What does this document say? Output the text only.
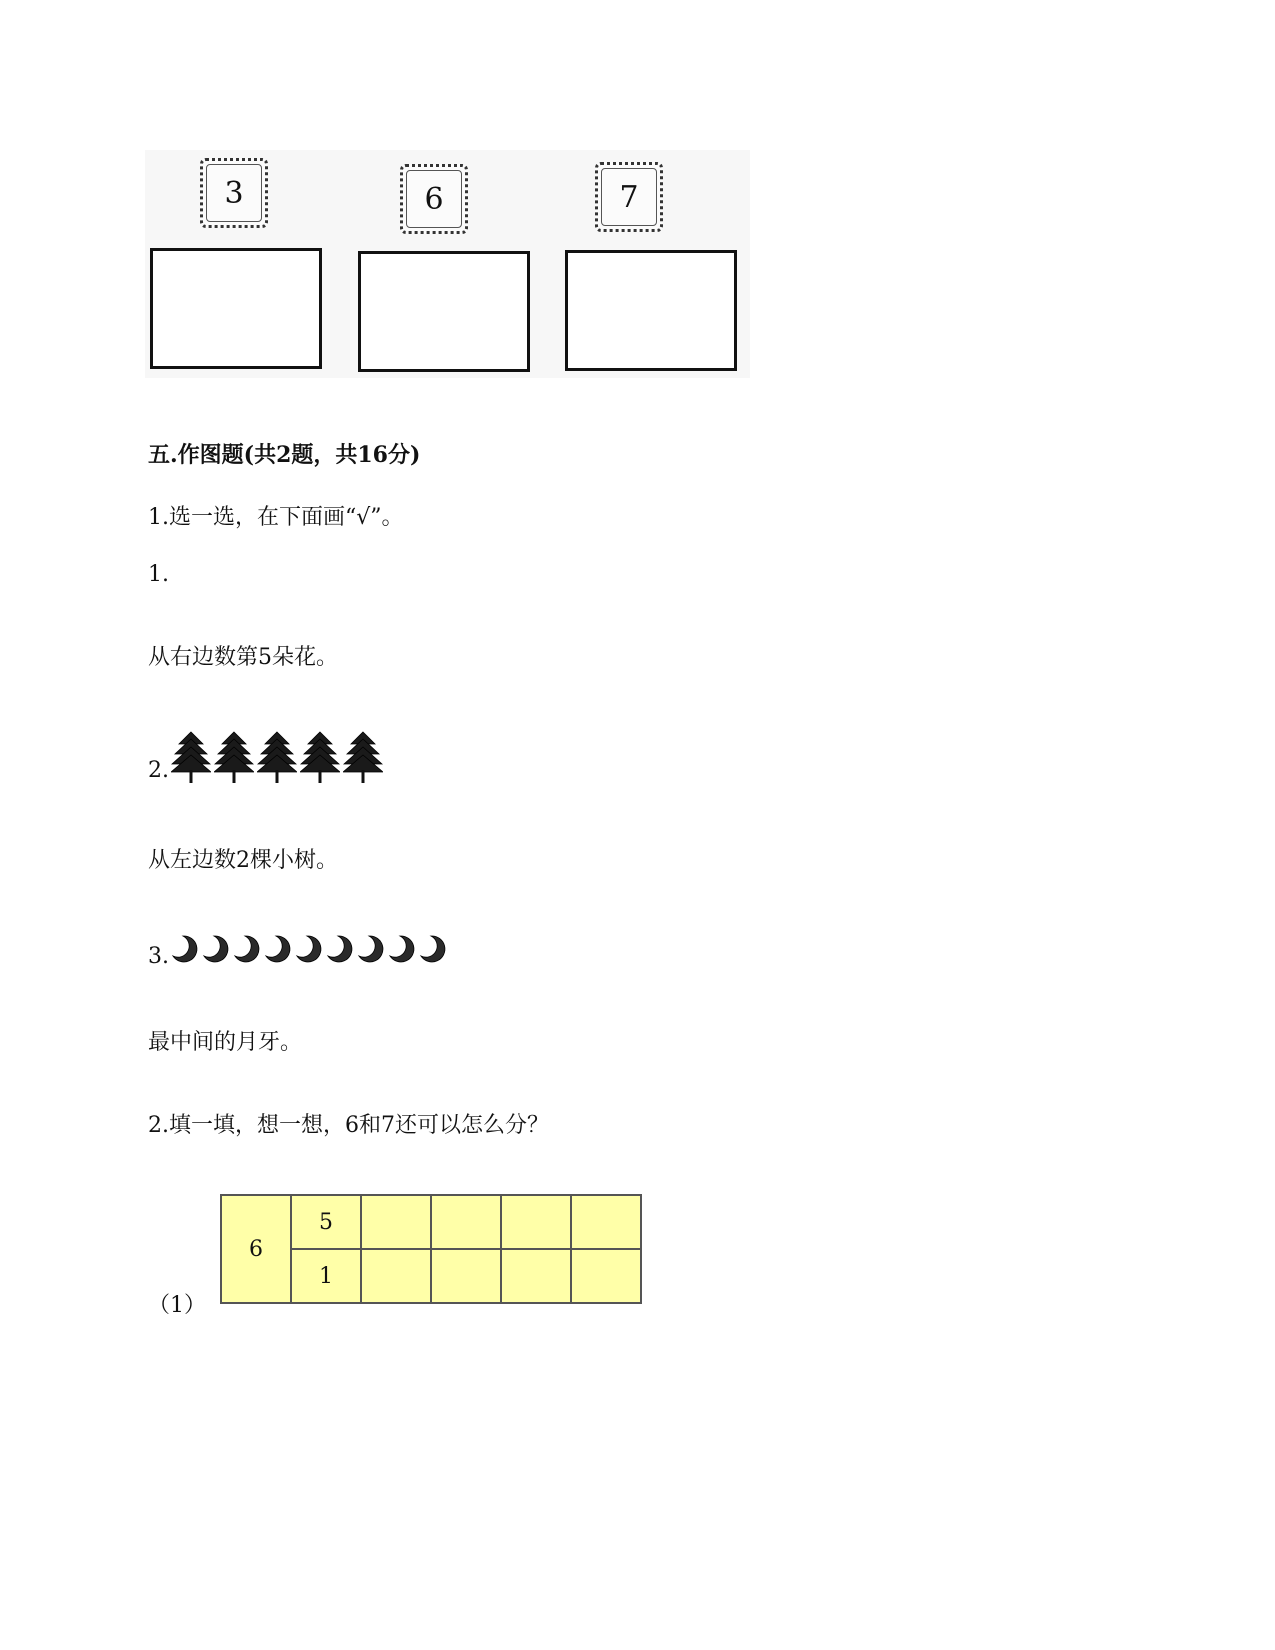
3	6	7
五.作图题(共2题，共16分)
1.选一选，在下面画“√”。
1.
从右边数第5朵花。
2.
从左边数2棵小树。
3.
最中间的月牙。
2.填一填，想一想，6和7还可以怎么分？
6	5				
	1				
（1）
